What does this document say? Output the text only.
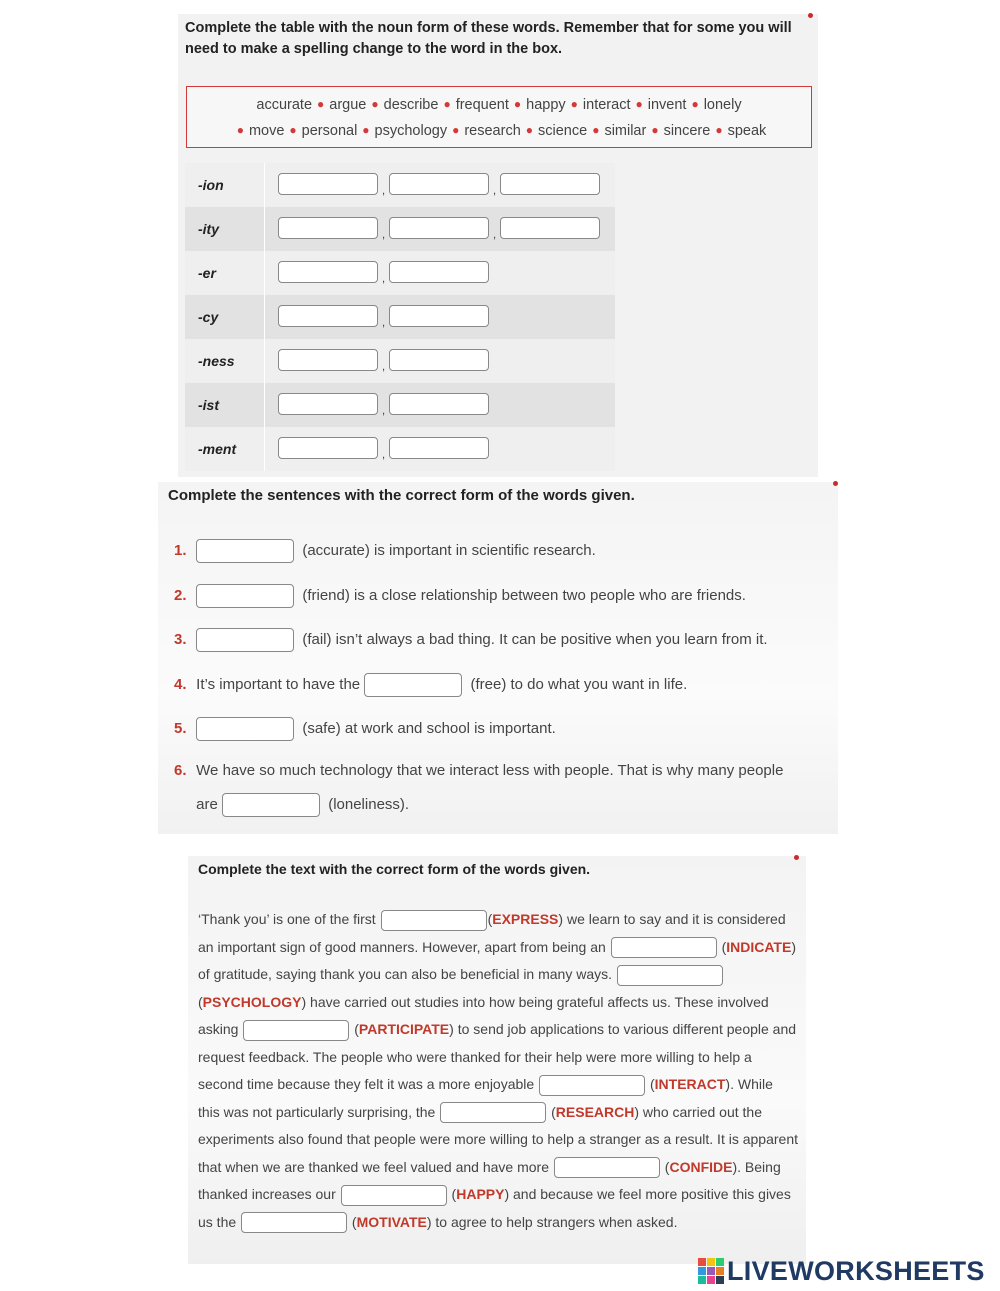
Complete the table with the noun form of these words. Remember that for some you will need to make a spelling change to the word in the box.
accurate ● argue ● describe ● frequent ● happy ● interact ● invent ● lonely
● move ● personal ● psychology ● research ● science ● similar ● sincere ● speak
-ion	, ,
-ity	, ,
-er	,
-cy	,
-ness	,
-ist	,
-ment	,
Complete the sentences with the correct form of the words given.
1.	(accurate) is important in scientific research.
2.	(friend) is a close relationship between two people who are friends.
3.	(fail) isn’t always a bad thing. It can be positive when you learn from it.
4. It’s important to have the	(free) to do what you want in life.
5.	(safe) at work and school is important.
6. We have so much technology that we interact less with people. That is why many people
are	(loneliness).
Complete the text with the correct form of the words given.
‘Thank you’ is one of the first	(EXPRESS) we learn to say and it is considered an important sign of good manners. However, apart from being an	(INDICATE) of gratitude, saying thank you can also be beneficial in many ways.  (PSYCHOLOGY) have carried out studies into how being grateful affects us. These involved asking	(PARTICIPATE) to send job applications to various different people and request feedback. The people who were thanked for their help were more willing to help a second time because they felt it was a more enjoyable	(INTERACT). While this was not particularly surprising, the	(RESEARCH) who carried out the experiments also found that people were more willing to help a stranger as a result. It is apparent that when we are thanked we feel valued and have more	(CONFIDE). Being thanked increases our	(HAPPY) and because we feel more positive this gives us the	(MOTIVATE) to agree to help strangers when asked.
LIVEWORKSHEETS
